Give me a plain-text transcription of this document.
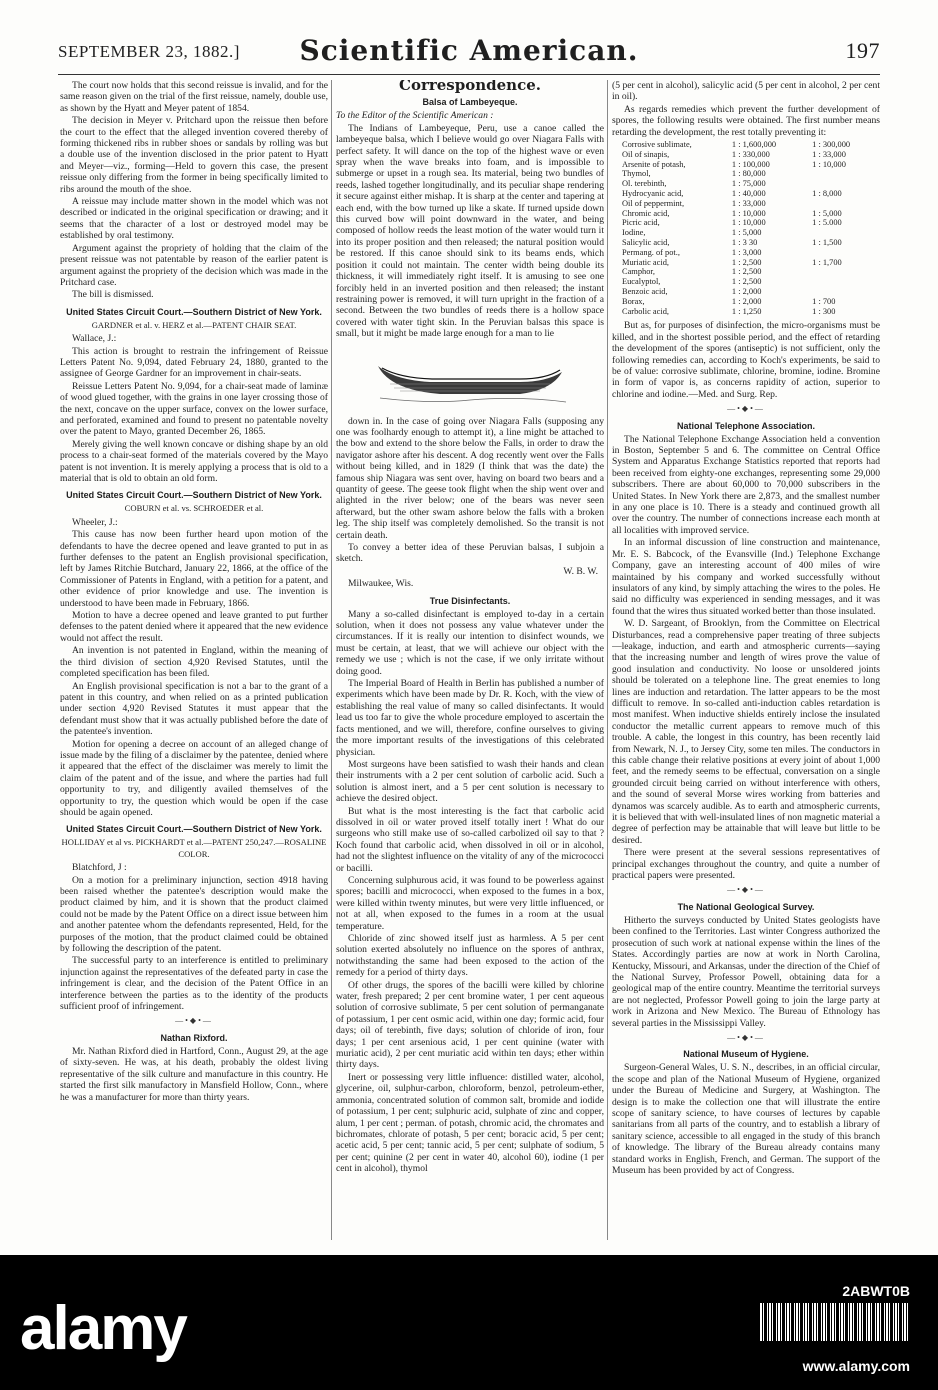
SEPTEMBER 23, 1882.]	Scientific American.	197

The court now holds that this second reissue is invalid, and for the same reason given on the trial of the first reissue, namely, double use, as shown by the Hyatt and Meyer patent of 1854.

The decision in Meyer v. Pritchard upon the reissue then before the court to the effect that the alleged invention covered thereby of forming thickened ribs in rubber shoes or sandals by rolling was but a double use of the invention disclosed in the prior patent to Hyatt and Meyer—viz., forming—Held to govern this case, the present reissue only differing from the former in being specifically limited to ribs around the mouth of the shoe.

A reissue may include matter shown in the model which was not described or indicated in the original specification or drawing; and it seems that the character of a lost or destroyed model may be established by oral testimony.

Argument against the propriety of holding that the claim of the present reissue was not patentable by reason of the earlier patent is argument against the propriety of the decision which was made in the Pritchard case.

The bill is dismissed.

United States Circuit Court.—Southern District of New York.
GARDNER et al. v. HERZ et al.—PATENT CHAIR SEAT.

Wallace, J.:

This action is brought to restrain the infringement of Reissue Letters Patent No. 9,094, dated February 24, 1880, granted to the assignee of George Gardner for an improvement in chair-seats.

Reissue Letters Patent No. 9,094, for a chair-seat made of laminæ of wood glued together, with the grains in one layer crossing those of the next, concave on the upper surface, convex on the lower surface, and perforated, examined and found to present no patentable novelty over the patent to Mayo, granted December 26, 1865.

Merely giving the well known concave or dishing shape by an old process to a chair-seat formed of the materials covered by the Mayo patent is not invention. It is merely applying a process that is old to a material that is old to obtain an old form.

United States Circuit Court.—Southern District of New York.
COBURN et al. vs. SCHROEDER et al.

Wheeler, J.:

This cause has now been further heard upon motion of the defendants to have the decree opened and leave granted to put in as further defenses to the patent an English provisional specification, left by James Ritchie Butchard, January 22, 1866, at the office of the Commissioner of Patents in England, with a petition for a patent, and other evidence of prior knowledge and use. The invention is understood to have been made in February, 1866.

Motion to have a decree opened and leave granted to put further defenses to the patent denied where it appeared that the new evidence would not affect the result.

An invention is not patented in England, within the meaning of the third division of section 4,920 Revised Statutes, until the completed specification has been filed.

An English provisional specification is not a bar to the grant of a patent in this country, and when relied on as a printed publication under section 4,920 Revised Statutes it must appear that the defendant must show that it was actually published before the date of the patentee's invention.

Motion for opening a decree on account of an alleged change of issue made by the filing of a disclaimer by the patentee, denied where it appeared that the effect of the disclaimer was merely to limit the claim of the patent and of the issue, and where the parties had full opportunity to try, and diligently availed themselves of the opportunity to try, the question which would be open if the case should be again opened.

United States Circuit Court.—Southern District of New York.
HOLLIDAY et al vs. PICKHARDT et al.—PATENT 250,247.—ROSALINE COLOR.

Blatchford, J :

On a motion for a preliminary injunction, section 4918 having been raised whether the patentee's description would make the product claimed by him, and it is shown that the product claimed could not be made by the Patent Office on a direct issue between him and another patentee whom the defendants represented, Held, for the purposes of the motion, that the product claimed could be obtained by following the description of the patent.

The successful party to an interference is entitled to preliminary injunction against the representatives of the defeated party in case the infringement is clear, and the decision of the Patent Office in an interference between the parties as to the identity of the products sufficient proof of infringement.

—•◆•—
Nathan Rixford.

Mr. Nathan Rixford died in Hartford, Conn., August 29, at the age of sixty-seven. He was, at his death, probably the oldest living representative of the silk culture and manufacture in this country. He started the first silk manufactory in Mansfield Hollow, Conn., where he was a manufacturer for more than thirty years.

Correspondence.
Balsa of Lambeyeque.

To the Editor of the Scientific American :

The Indians of Lambeyeque, Peru, use a canoe called the lambeyeque balsa, which I believe would go over Niagara Falls with perfect safety. It will dance on the top of the highest wave or even spray when the wave breaks into foam, and is impossible to submerge or upset in a rough sea. Its material, being two bundles of reeds, lashed together longitudinally, and its peculiar shape rendering it secure against either mishap. It is sharp at the center and tapering at each end, with the bow turned up like a skate. If turned upside down this curved bow will point downward in the water, and being composed of hollow reeds the least motion of the water would turn it into its proper position and then released; the natural position would be restored. If this canoe should sink to its beams ends, which position it could not maintain. The center width being double its thickness, it will immediately right itself. It is amusing to see one forcibly held in an inverted position and then released; the instant restraining power is removed, it will turn upright in the fraction of a second. Between the two bundles of reeds there is a hollow space covered with water tight skin. In the Peruvian balsas this space is small, but it might be made large enough for a man to lie

down in. In the case of going over Niagara Falls (supposing any one was foolhardy enough to attempt it), a line might be attached to the bow and extend to the shore below the Falls, in order to draw the navigator ashore after his descent. A dog recently went over the Falls without being killed, and in 1829 (I think that was the date) the famous ship Niagara was sent over, having on board two bears and a quantity of geese. The geese took flight when the ship went over and alighted in the river below; one of the bears was never seen afterward, but the other swam ashore below the falls with a broken leg. The ship itself was completely demolished. So the transit is not certain death.

To convey a better idea of these Peruvian balsas, I subjoin a sketch.

W. B. W.

Milwaukee, Wis.

True Disinfectants.

Many a so-called disinfectant is employed to-day in a certain solution, when it does not possess any value whatever under the circumstances. If it is really our intention to disinfect wounds, we must be certain, at least, that we will achieve our object with the remedy we use ; which is not the case, if we only irritate without doing good.

The Imperial Board of Health in Berlin has published a number of experiments which have been made by Dr. R. Koch, with the view of establishing the real value of many so called disinfectants. It would lead us too far to give the whole procedure employed to ascertain the facts mentioned, and we will, therefore, confine ourselves to giving the more important results of the investigations of this celebrated physician.

Most surgeons have been satisfied to wash their hands and clean their instruments with a 2 per cent solution of carbolic acid. Such a solution is almost inert, and a 5 per cent solution is necessary to achieve the desired object.

But what is the most interesting is the fact that carbolic acid dissolved in oil or water proved itself totally inert ! What do our surgeons who still make use of so-called carbolized oil say to that ? Koch found that carbolic acid, when dissolved in oil or in alcohol, had not the slightest influence on the vitality of any of the micrococci or bacilli.

Concerning sulphurous acid, it was found to be powerless against spores; bacilli and micrococci, when exposed to the fumes in a box, were killed within twenty minutes, but were very little influenced, or not at all, when exposed to the fumes in a room at the usual temperature.

Chloride of zinc showed itself just as harmless. A 5 per cent solution exerted absolutely no influence on the spores of anthrax, notwithstanding the same had been exposed to the action of the remedy for a period of thirty days.

Of other drugs, the spores of the bacilli were killed by chlorine water, fresh prepared; 2 per cent bromine water, 1 per cent aqueous solution of corrosive sublimate, 5 per cent solution of permanganate of potassium, 1 per cent osmic acid, within one day; formic acid, four days; oil of terebinth, five days; solution of chloride of iron, four days; 1 per cent arsenious acid, 1 per cent quinine (water with muriatic acid), 2 per cent muriatic acid within ten days; ether within thirty days.

Inert or possessing very little influence: distilled water, alcohol, glycerine, oil, sulphur-carbon, chloroform, benzol, petroleum-ether, ammonia, concentrated solution of common salt, bromide and iodide of potassium, 1 per cent; sulphuric acid, sulphate of zinc and copper, alum, 1 per cent ; perman. of potash, chromic acid, the chromates and bichromates, chlorate of potash, 5 per cent; boracic acid, 5 per cent; acetic acid, 5 per cent; tannic acid, 5 per cent; sulphate of sodium, 5 per cent; quinine (2 per cent in water 40, alcohol 60), iodine (1 per cent in alcohol), thymol

(5 per cent in alcohol), salicylic acid (5 per cent in alcohol, 2 per cent in oil).

As regards remedies which prevent the further development of spores, the following results were obtained. The first number means retarding the development, the rest totally preventing it:

Corrosive sublimate,	1 : 1,600,000	1 : 300,000
Oil of sinapis,	1 : 330,000	1 : 33,000
Arsenite of potash,	1 : 100,000	1 : 10,000
Thymol,	1 : 80,000	
Ol. terebinth,	1 : 75,000	
Hydrocyanic acid,	1 : 40,000	1 : 8,000
Oil of peppermint,	1 : 33,000	
Chromic acid,	1 : 10,000	1 : 5,000
Picric acid,	1 : 10,000	1 : 5.000
Iodine,	1 : 5,000	
Salicylic acid,	1 : 3 30	1 : 1,500
Permang. of pot.,	1 : 3,000	
Muriatic acid,	1 : 2,500	1 : 1,700
Camphor,	1 : 2,500	
Eucalyptol,	1 : 2,500	
Benzoic acid,	1 : 2,000	
Borax,	1 : 2,000	1 : 700
Carbolic acid,	1 : 1,250	1 : 300

But as, for purposes of disinfection, the micro-organisms must be killed, and in the shortest possible period, and the effect of retarding the development of the spores (antiseptic) is not sufficient, only the following remedies can, according to Koch's experiments, be said to be of value: corrosive sublimate, chlorine, bromine, iodine. Bromine in form of vapor is, as concerns rapidity of action, superior to chlorine and iodine.—Med. and Surg. Rep.

—•◆•—
National Telephone Association.

The National Telephone Exchange Association held a convention in Boston, September 5 and 6. The committee on Central Office System and Apparatus Exchange Statistics reported that reports had been received from eighty-one exchanges, representing some 29,000 subscribers. There are about 60,000 to 70,000 subscribers in the United States. In New York there are 2,873, and the smallest number in any one place is 10. There is a steady and continued growth all over the country. The number of connections increase each month at all localities with improved service.

In an informal discussion of line construction and maintenance, Mr. E. S. Babcock, of the Evansville (Ind.) Telephone Exchange Company, gave an interesting account of 400 miles of wire maintained by his company and worked successfully without insulators of any kind, by simply attaching the wires to the poles. He said no difficulty was experienced in sending messages, and it was found that the wires thus situated worked better than those insulated.

W. D. Sargeant, of Brooklyn, from the Committee on Electrical Disturbances, read a comprehensive paper treating of three subjects—leakage, induction, and earth and atmospheric currents—saying that the increasing number and length of wires prove the value of good insulation and conductivity. No loose or unsoldered joints should be tolerated on a telephone line. The great enemies to long lines are induction and retardation. The latter appears to be the most difficult to remove. In so-called anti-induction cables retardation is most manifest. When inductive shields entirely inclose the insulated conductor the metallic current appears to remove much of this trouble. A cable, the longest in this country, has been recently laid from Newark, N. J., to Jersey City, some ten miles. The conductors in this cable change their relative positions at every joint of about 1,000 feet, and the remedy seems to be effectual, conversation on a single grounded circuit being carried on without interference with others, and the sound of several Morse wires working from batteries and dynamos was scarcely audible. As to earth and atmospheric currents, it is believed that with well-insulated lines of non magnetic material a degree of perfection may be attainable that will leave but little to be desired.

There were present at the several sessions representatives of principal exchanges throughout the country, and quite a number of practical papers were presented.

—•◆•—
The National Geological Survey.

Hitherto the surveys conducted by United States geologists have been confined to the Territories. Last winter Congress authorized the prosecution of such work at national expense within the lines of the States. Accordingly parties are now at work in North Carolina, Kentucky, Missouri, and Arkansas, under the direction of the Chief of the National Survey, Professor Powell, obtaining data for a geological map of the entire country. Meantime the territorial surveys are not neglected, Professor Powell going to join the large party at work in Arizona and New Mexico. The Bureau of Ethnology has several parties in the Mississippi Valley.

—•◆•—
National Museum of Hygiene.

Surgeon-General Wales, U. S. N., describes, in an official circular, the scope and plan of the National Museum of Hygiene, organized under the Bureau of Medicine and Surgery, at Washington. The design is to make the collection one that will illustrate the entire scope of sanitary science, to have courses of lectures by capable sanitarians from all parts of the country, and to establish a library of sanitary science, accessible to all engaged in the study of this branch of knowledge. The library of the Bureau already contains many standard works in English, French, and German. The support of the Museum has been provided by act of Congress.

alamy
2ABWT0B
www.alamy.com
